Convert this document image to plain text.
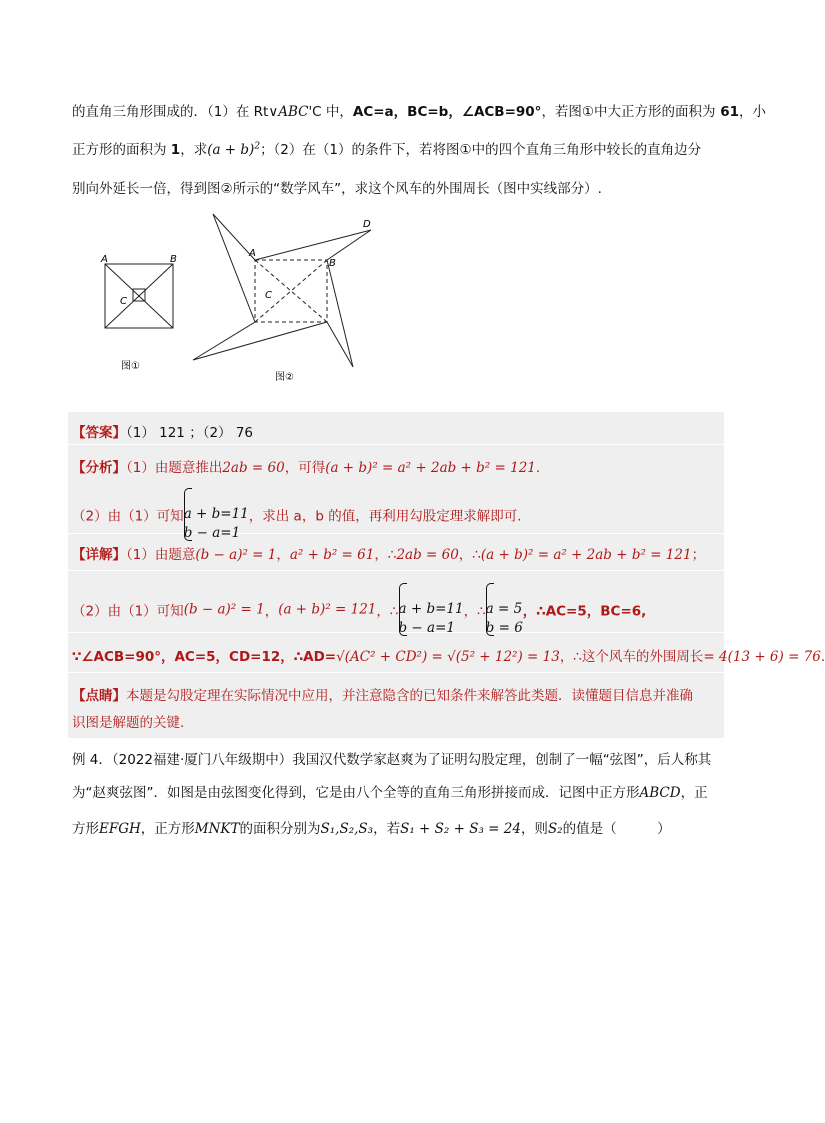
的直角三角形围成的．（1）在 Rt∨ABC'C 中，AC=a，BC=b，∠ACB=90°，若图①中大正方形的面积为 61，小
正方形的面积为 1，求$(a + b)^2$；（2）在（1）的条件下，若将图①中的四个直角三角形中较长的直角边分
别向外延长一倍，得到图②所示的“数学风车”，求这个风车的外围周长（图中实线部分）.
A	B
C
图①
A
B
C
D
图②
【答案】（1） 121 ；（2） 76
【分析】（1）由题意推出2ab = 60，可得(a + b)² = a² + 2ab + b² = 121.
（2）由（1）可知 a + b=11
b − a=1
，求出 a，b 的值，再利用勾股定理求解即可.
【详解】（1）由题意(b − a)² = 1，a² + b² = 61，∴2ab = 60，∴(a + b)² = a² + 2ab + b² = 121；
（2）由（1）可知(b − a)² = 1，(a + b)² = 121，∴ a + b=11
b − a=1
，∴ a = 5
b = 6
，∴AC=5，BC=6,
∵∠ACB=90°，AC=5，CD=12，∴AD=√(AC² + CD²) = √(5² + 12²) = 13，∴这个风车的外围周长= 4(13 + 6) = 76.
【点睛】本题是勾股定理在实际情况中应用，并注意隐含的已知条件来解答此类题．读懂题目信息并准确
识图是解题的关键.
例 4．（2022福建·厦门八年级期中）我国汉代数学家赵爽为了证明勾股定理，创制了一幅“弦图”，后人称其
为“赵爽弦图”．如图是由弦图变化得到，它是由八个全等的直角三角形拼接而成．记图中正方形ABCD，正
方形EFGH，正方形MNKT的面积分别为S₁,S₂,S₃，若S₁ + S₂ + S₃ = 24，则S₂的值是（　　　）
